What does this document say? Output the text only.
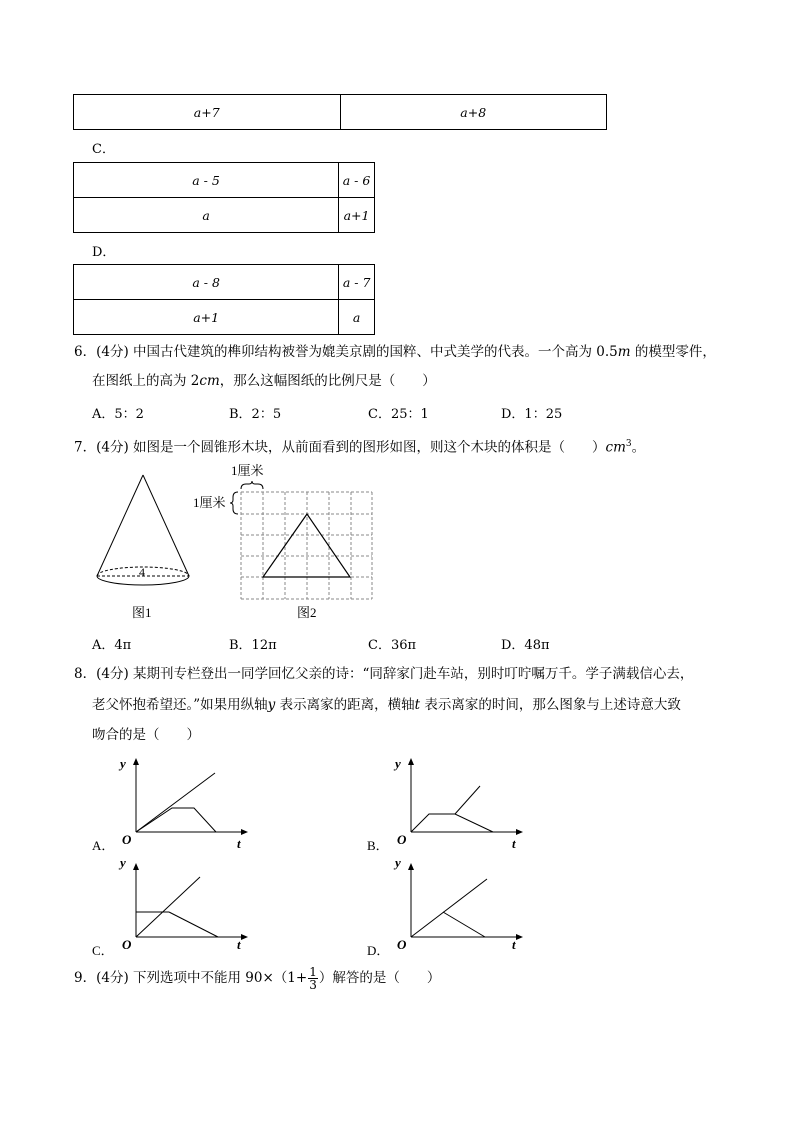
a+7	a+8
C．
a - 5	a - 6
a	a+1
D．
a - 8	a - 7
a+1	a
6．(4分) 中国古代建筑的榫卯结构被誉为媲美京剧的国粹、中式美学的代表。一个高为 0.5m 的模型零件，
在图纸上的高为 2cm，那么这幅图纸的比例尺是（　　）
A．5：2	B．2：5	C．25：1	D．1：25
7．(4分) 如图是一个圆锥形木块，从前面看到的图形如图，则这个木块的体积是（　　）$cm^3$。
4
图1
1厘米
1厘米
图2
A．4π	B．12π	C．36π	D．48π
8．(4分) 某期刊专栏登出一同学回忆父亲的诗：“同辞家门赴车站，别时叮咛嘱万千。学子满载信心去，
老父怀抱希望还。”如果用纵轴y 表示离家的距离，横轴t 表示离家的时间，那么图象与上述诗意大致
吻合的是（　　）
A．
y
O	t	B．
y
O	t
C．
y
O	t	D．
y
O	t
9．(4分) 下列选项中不能用 $90\times(1+ \frac{1}{3}$ ）解答的是（　　）
